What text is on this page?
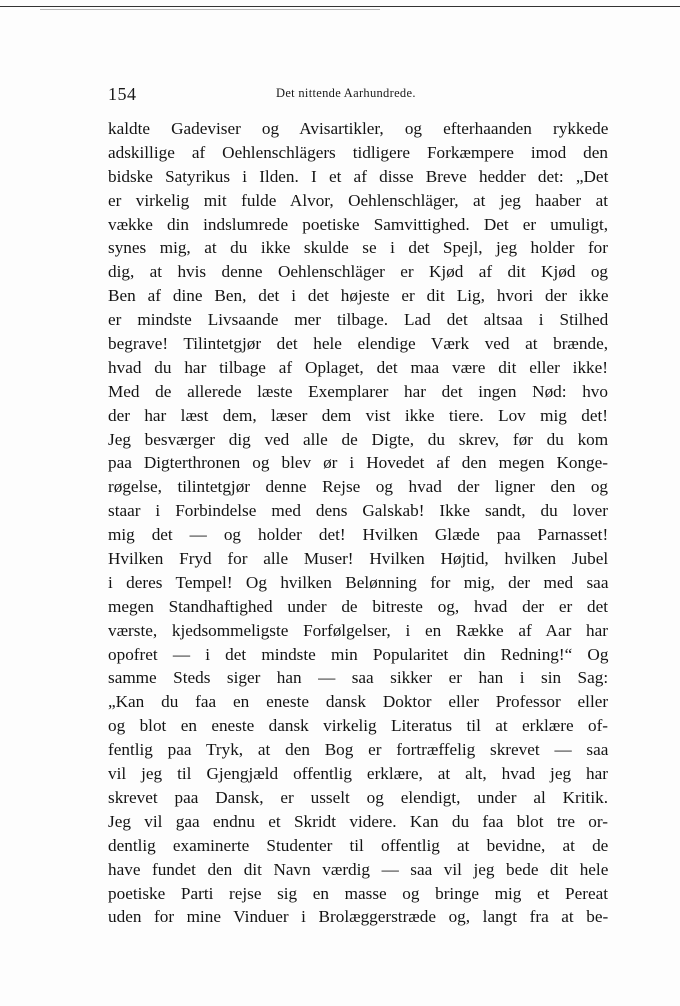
154	Det nittende Aarhundrede.
kaldte Gadeviser og Avisartikler, og efterhaanden rykkede
adskillige af Oehlenschlägers tidligere Forkæmpere imod den
bidske Satyrikus i Ilden. I et af disse Breve hedder det: „Det
er virkelig mit fulde Alvor, Oehlenschläger, at jeg haaber at
vække din indslumrede poetiske Samvittighed. Det er umuligt,
synes mig, at du ikke skulde se i det Spejl, jeg holder for
dig, at hvis denne Oehlenschläger er Kjød af dit Kjød og
Ben af dine Ben, det i det højeste er dit Lig, hvori der ikke
er mindste Livsaande mer tilbage. Lad det altsaa i Stilhed
begrave! Tilintetgjør det hele elendige Værk ved at brænde,
hvad du har tilbage af Oplaget, det maa være dit eller ikke!
Med de allerede læste Exemplarer har det ingen Nød: hvo
der har læst dem, læser dem vist ikke tiere. Lov mig det!
Jeg besværger dig ved alle de Digte, du skrev, før du kom
paa Digterthronen og blev ør i Hovedet af den megen Konge-
røgelse, tilintetgjør denne Rejse og hvad der ligner den og
staar i Forbindelse med dens Galskab! Ikke sandt, du lover
mig det — og holder det! Hvilken Glæde paa Parnasset!
Hvilken Fryd for alle Muser! Hvilken Højtid, hvilken Jubel
i deres Tempel! Og hvilken Belønning for mig, der med saa
megen Standhaftighed under de bitreste og, hvad der er det
værste, kjedsommeligste Forfølgelser, i en Række af Aar har
opofret — i det mindste min Popularitet din Redning!“ Og
samme Steds siger han — saa sikker er han i sin Sag:
„Kan du faa en eneste dansk Doktor eller Professor eller
og blot en eneste dansk virkelig Literatus til at erklære of-
fentlig paa Tryk, at den Bog er fortræffelig skrevet — saa
vil jeg til Gjengjæld offentlig erklære, at alt, hvad jeg har
skrevet paa Dansk, er usselt og elendigt, under al Kritik.
Jeg vil gaa endnu et Skridt videre. Kan du faa blot tre or-
dentlig examinerte Studenter til offentlig at bevidne, at de
have fundet den dit Navn værdig — saa vil jeg bede dit hele
poetiske Parti rejse sig en masse og bringe mig et Pereat
uden for mine Vinduer i Brolæggerstræde og, langt fra at be-
